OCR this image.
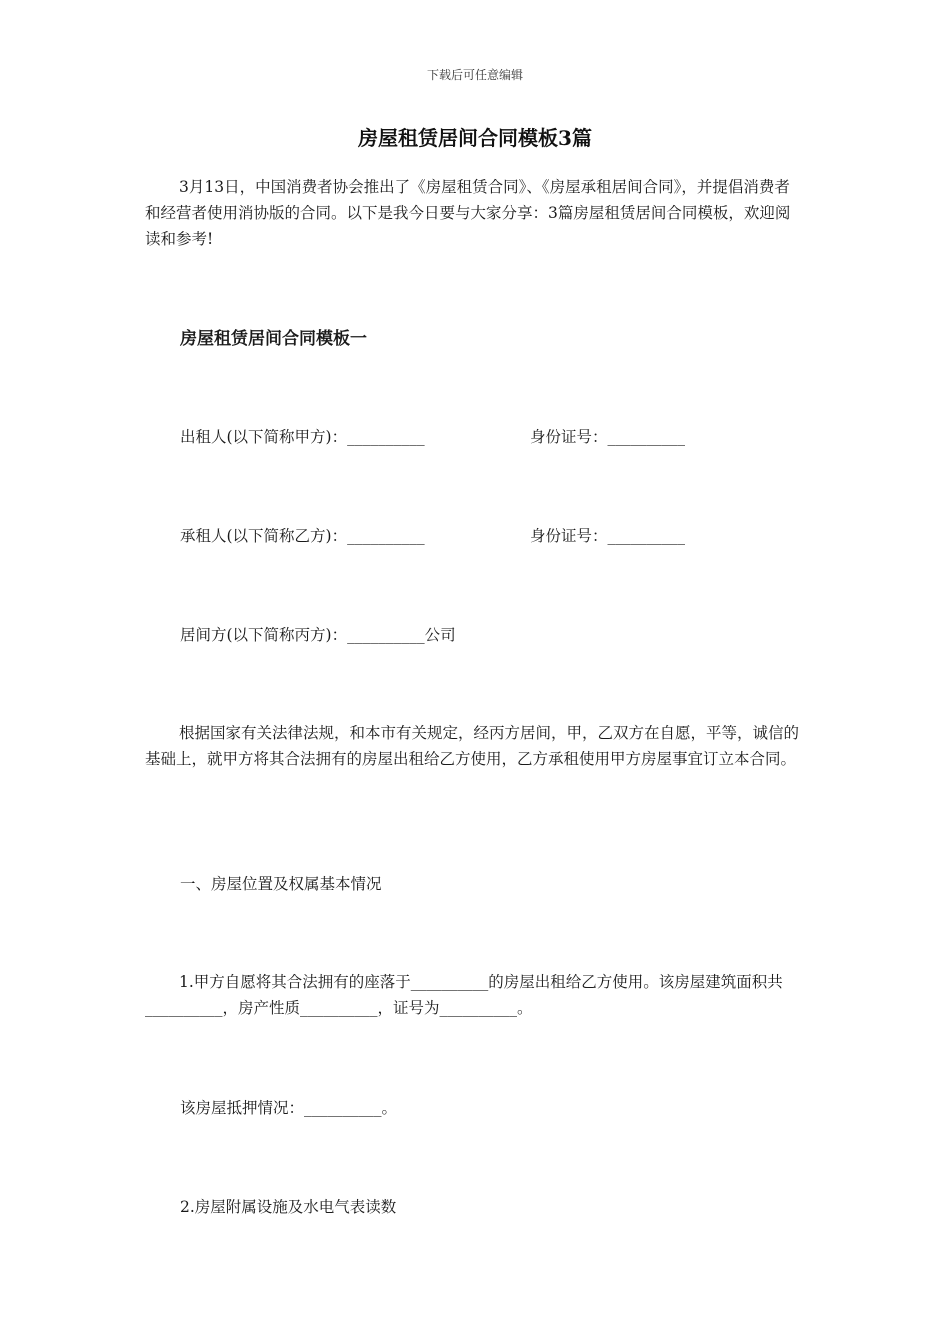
下载后可任意编辑
房屋租赁居间合同模板3篇

3月13日，中国消费者协会推出了《房屋租赁合同》、《房屋承租居间合同》，并提倡消费者和经营者使用消协版的合同。以下是我今日要与大家分享：3篇房屋租赁居间合同模板，欢迎阅读和参考!

房屋租赁居间合同模板一
出租人(以下简称甲方)：__________	身份证号：__________
承租人(以下简称乙方)：__________	身份证号：__________
居间方(以下简称丙方)：__________公司

根据国家有关法律法规，和本市有关规定，经丙方居间，甲，乙双方在自愿，平等，诚信的基础上，就甲方将其合法拥有的房屋出租给乙方使用，乙方承租使用甲方房屋事宜订立本合同。

一、房屋位置及权属基本情况

1.甲方自愿将其合法拥有的座落于__________的房屋出租给乙方使用。该房屋建筑面积共__________，房产性质__________，证号为__________。

该房屋抵押情况：__________。
2.房屋附属设施及水电气表读数
